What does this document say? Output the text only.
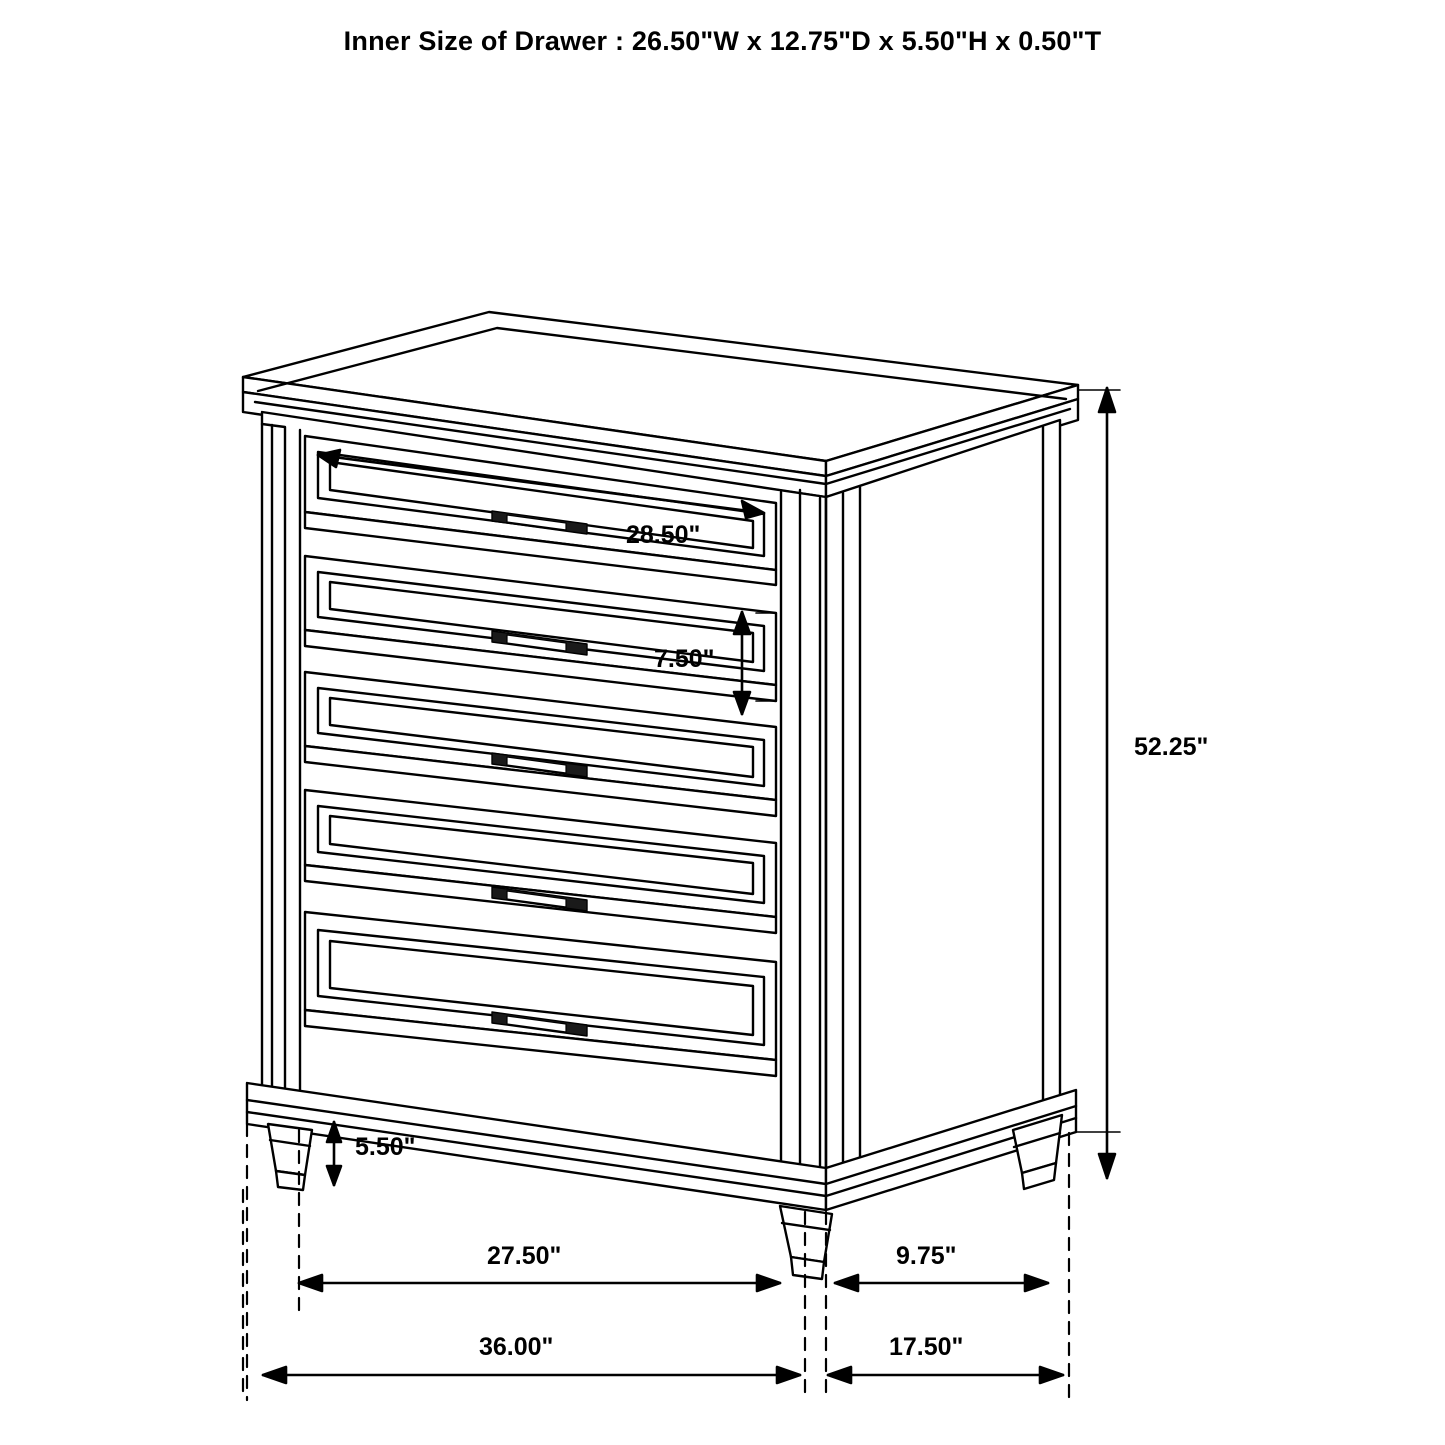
Inner Size of Drawer : 26.50"W x 12.75"D x 5.50"H x 0.50"T
28.50"
7.50"
52.25"
5.50"
27.50"	9.75"
36.00"	17.50"
